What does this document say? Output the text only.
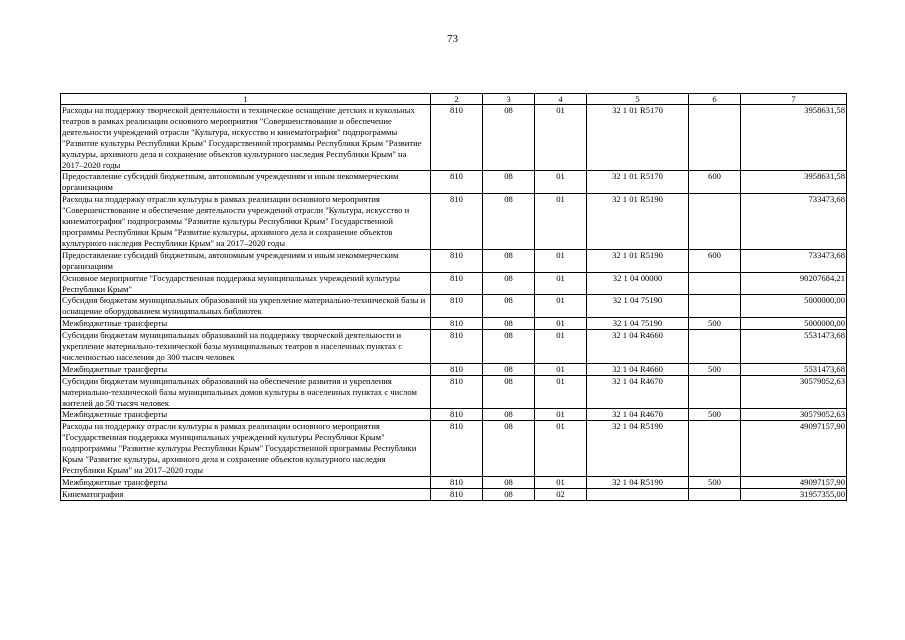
73
1	2	3	4	5	6	7
Расходы на поддержку творческой деятельности и техническое оснащение детских и кукольных театров в рамках реализации основного мероприятия "Совершенствование и обеспечение деятельности учреждений отрасли "Культура, искусство и кинематография" подпрограммы "Развитие культуры Республики Крым" Государственной программы Республики Крым "Развитие культуры, архивного дела и сохранение объектов культурного наследия Республики Крым" на 2017–2020 годы	810	08	01	32 1 01 R5170		3958631,58
Предоставление субсидий бюджетным, автономным учреждениям и иным некоммерческим организациям	810	08	01	32 1 01 R5170	600	3958631,58
Расходы на поддержку отрасли культуры в рамках реализации основного мероприятия "Совершенствование и обеспечение деятельности учреждений отрасли "Культура, искусство и кинематография" подпрограммы "Развитие культуры Республики Крым" Государственной программы Республики Крым "Развитие культуры, архивного дела и сохранение объектов культурного наследия Республики Крым" на 2017–2020 годы	810	08	01	32 1 01 R5190		733473,68
Предоставление субсидий бюджетным, автономным учреждениям и иным некоммерческим организациям	810	08	01	32 1 01 R5190	600	733473,68
Основное мероприятие "Государственная поддержка муниципальных учреждений культуры Республики Крым"	810	08	01	32 1 04 00000		90207684,21
Субсидия бюджетам муниципальных образований на укрепление материально-технической базы и оснащение оборудованием муниципальных библиотек	810	08	01	32 1 04 75190		5000000,00
Межбюджетные трансферты	810	08	01	32 1 04 75190	500	5000000,00
Субсидии бюджетам муниципальных образований на поддержку творческой деятельности и укрепление материально-технической базы муниципальных театров в населенных пунктах с численностью населения до 300 тысяч человек	810	08	01	32 1 04 R4660		5531473,68
Межбюджетные трансферты	810	08	01	32 1 04 R4660	500	5531473,68
Субсидии бюджетам муниципальных образований на обеспечение развития и укрепления материально-технической базы муниципальных домов культуры в населенных пунктах с числом жителей до 50 тысяч человек	810	08	01	32 1 04 R4670		30579052,63
Межбюджетные трансферты	810	08	01	32 1 04 R4670	500	30579052,63
Расходы на поддержку отрасли культуры в рамках реализации основного мероприятия "Государственная поддержка муниципальных учреждений культуры Республики Крым" подпрограммы "Развитие культуры Республики Крым" Государственной программы Республики Крым "Развитие культуры, архивного дела и сохранение объектов культурного наследия Республики Крым" на 2017–2020 годы	810	08	01	32 1 04 R5190		49097157,90
Межбюджетные трансферты	810	08	01	32 1 04 R5190	500	49097157,90
Кинематография	810	08	02			31957355,00
